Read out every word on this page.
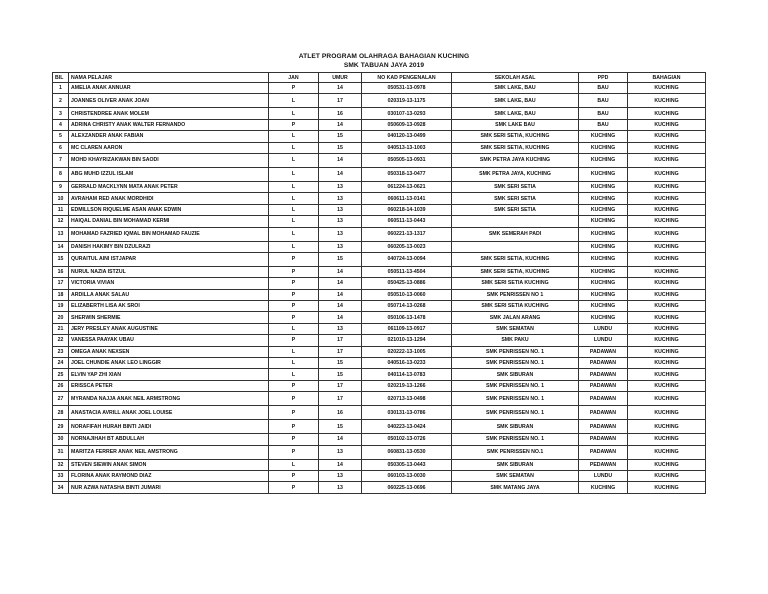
ATLET PROGRAM OLAHRAGA BAHAGIAN KUCHING
SMK TABUAN JAYA 2019
BIL	NAMA PELAJAR	JAN	UMUR	NO KAD PENGENALAN	SEKOLAH ASAL	PPD	BAHAGIAN
1	AMELIA ANAK ANNUAR	P	14	050531-13-0978	SMK LAKE, BAU	BAU	KUCHING
2	JOANNES OLIVER ANAK JOAN	L	17	020319-13-1175	SMK LAKE, BAU	BAU	KUCHING
3	CHRISTENDREE ANAK MOLEM	L	16	030107-13-0293	SMK LAKE, BAU	BAU	KUCHING
4	ADRINA CHRISTY ANAK WALTER FERNANDO	P	14	050609-13-0928	SMK LAKE BAU	BAU	KUCHING
5	ALEXZANDER ANAK FABIAN	L	15	040120-13-0499	SMK SERI SETIA, KUCHING	KUCHING	KUCHING
6	MC CLAREN AARON	L	15	040513-13-1003	SMK SERI SETIA, KUCHING	KUCHING	KUCHING
7	MOHD KHAYRIZAKWAN BIN SAODI	L	14	050505-13-0931	SMK PETRA JAYA KUCHING	KUCHING	KUCHING
8	ABG MUHD IZZUL ISLAM	L	14	050318-13-0477	SMK PETRA JAYA, KUCHING	KUCHING	KUCHING
9	GERRALD MACKLYNN MATA ANAK PETER	L	13	061224-13-0621	SMK SERI SETIA	KUCHING	KUCHING
10	AVRAHAM RED ANAK MORDHIDI	L	13	060611-13-0141	SMK SERI SETIA	KUCHING	KUCHING
11	EDMILLSON RIQUELME ASAN ANAK EDWIN	L	13	060218-14-1039	SMK SERI SETIA	KUCHING	KUCHING
12	HAIQAL DANIAL BIN MOHAMAD KERMI	L	13	060511-13-0443		KUCHING	KUCHING
13	MOHAMAD FAZRIED IQMAL BIN MOHAMAD FAUZIE	L	13	060221-13-1317	SMK SEMERAH PADI	KUCHING	KUCHING
14	DANISH HAKIMY BIN DZULRAZI	L	13	060205-13-0023		KUCHING	KUCHING
15	QURAITUL AINI ISTJAPAR	P	15	040724-13-0094	SMK SERI SETIA, KUCHING	KUCHING	KUCHING
16	NURUL NAZIA ISTZUL	P	14	050511-13-4504	SMK SERI SETIA, KUCHING	KUCHING	KUCHING
17	VICTORIA VIVIAN	P	14	050425-13-0886	SMK SERI SETIA KUCHING	KUCHING	KUCHING
18	ARDILLA ANAK SALAU	P	14	050510-13-0060	SMK PENRISSEN NO 1	KUCHING	KUCHING
19	ELIZABERTH LISA AK SROI	P	14	050714-13-0268	SMK SERI SETIA KUCHING	KUCHING	KUCHING
20	SHERWIN SHERMIE	P	14	050106-13-1478	SMK JALAN ARANG	KUCHING	KUCHING
21	JERY PRESLEY ANAK AUGUSTINE	L	13	061109-13-0917	SMK SEMATAN	LUNDU	KUCHING
22	VANESSA PAAYAK UBAU	P	17	021010-13-1294	SMK PAKU	LUNDU	KUCHING
23	OMEGA ANAK NEXSEN	L	17	020222-13-1005	SMK PENRISSEN NO. 1	PADAWAN	KUCHING
24	JOEL CHUNDIE ANAK LEO LINGGIR	L	15	040516-13-0233	SMK PENRISSEN NO. 1	PADAWAN	KUCHING
25	ELVIN YAP ZHI XIAN	L	15	040114-13-0783	SMK SIBURAN	PADAWAN	KUCHING
26	ERISSCA PETER	P	17	020219-13-1266	SMK PENRISSEN NO. 1	PADAWAN	KUCHING
27	MYRANDA NAJJA ANAK NEIL ARMSTRONG	P	17	020713-13-0498	SMK PENRISSEN NO. 1	PADAWAN	KUCHING
28	ANASTACIA AVRILL ANAK JOEL LOUISE	P	16	030131-13-0786	SMK PENRISSEN NO. 1	PADAWAN	KUCHING
29	NORAFIFAH HURAH BINTI JAIDI	P	15	040223-13-0424	SMK SIBURAN	PADAWAN	KUCHING
30	NORNAJIHAH BT ABDULLAH	P	14	050102-13-0726	SMK PENRISSEN NO. 1	PADAWAN	KUCHING
31	MARITZA FERRER ANAK NEIL AMSTRONG	P	13	060831-13-0530	SMK PENRISSEN NO.1	PADAWAN	KUCHING
32	STEVEN SIEWIN ANAK SIMON	L	14	050305-13-0443	SMK SIBURAN	PEDAWAN	KUCHING
33	FLORINA ANAK RAYMOND DIAZ	P	13	060103-13-0030	SMK SEMATAN	LUNDU	KUCHING
34	NUR AZWA NATASHA BINTI JUMARI	P	13	060225-13-0696	SMK MATANG JAYA	KUCHING	KUCHING
